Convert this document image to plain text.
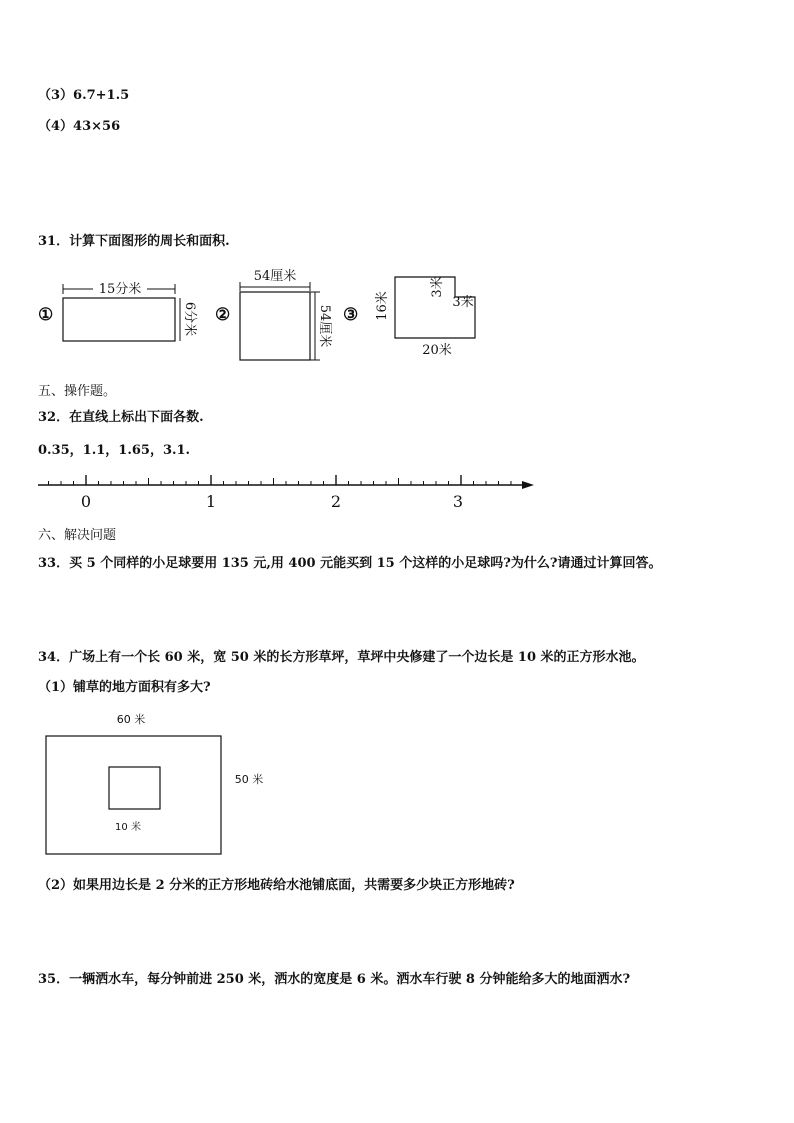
（3）6.7+1.5
（4）43×56
31．计算下面图形的周长和面积.
①
15分米
6分米 ②
54厘米
54厘米 ③ 16米
20米
3米
3米
五、操作题。
32．在直线上标出下面各数.
0.35，1.1，1.65，3.1.
0	1	2	3
六、解决问题
33．买 5 个同样的小足球要用 135 元,用 400 元能买到 15 个这样的小足球吗?为什么?请通过计算回答。
34．广场上有一个长 60 米，宽 50 米的长方形草坪，草坪中央修建了一个边长是 10 米的正方形水池。
（1）铺草的地方面积有多大?
60 米
10 米
50 米
（2）如果用边长是 2 分米的正方形地砖给水池铺底面，共需要多少块正方形地砖?
35．一辆洒水车，每分钟前进 250 米，洒水的宽度是 6 米。洒水车行驶 8 分钟能给多大的地面洒水?
